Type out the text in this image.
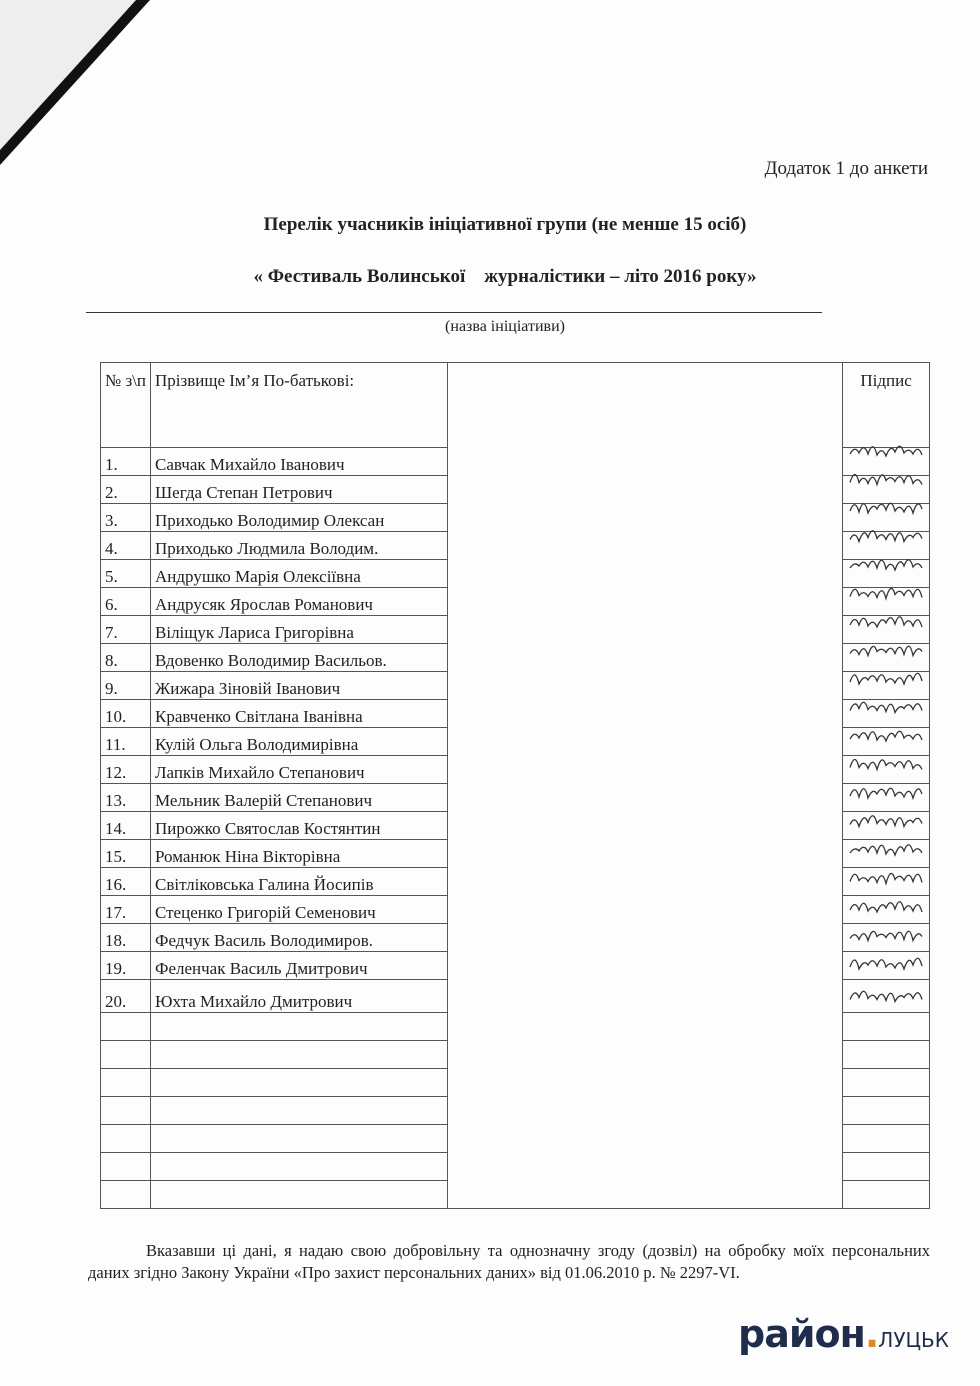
Додаток 1 до анкети
Перелік учасників ініціативної групи (не менше 15 осіб)
« Фестиваль Волинської    журналістики – літо 2016 року»
(назва ініціативи)
№ з\п	Прізвище Ім’я По-батькові:		Підпис
1.	Савчак Михайло Іванович		
2.	Шегда Степан Петрович		
3.	Приходько Володимир Олексан		
4.	Приходько Людмила Володим.		
5.	Андрушко Марія Олексіївна		
6.	Андрусяк Ярослав Романович		
7.	Віліщук Лариса Григорівна		
8.	Вдовенко Володимир Васильов.		
9.	Жижара Зіновій Іванович		
10.	Кравченко Світлана Іванівна		
11.	Кулій Ольга Володимирівна		
12.	Лапків Михайло Степанович		
13.	Мельник Валерій Степанович		
14.	Пирожко Святослав Костянтин		
15.	Романюк Ніна Вікторівна		
16.	Світліковська Галина Йосипів		
17.	Стеценко Григорій Семенович		
18.	Федчук Василь Володимиров.		
19.	Феленчак Василь Дмитрович		
20.	Юхта Михайло Дмитрович		

Вказавши ці дані, я надаю свою добровільну та однозначну згоду (дозвіл) на обробку моїх персональних даних згідно Закону України «Про захист персональних даних» від 01.06.2010 р. № 2297-VI.
район.ЛУЦЬК
